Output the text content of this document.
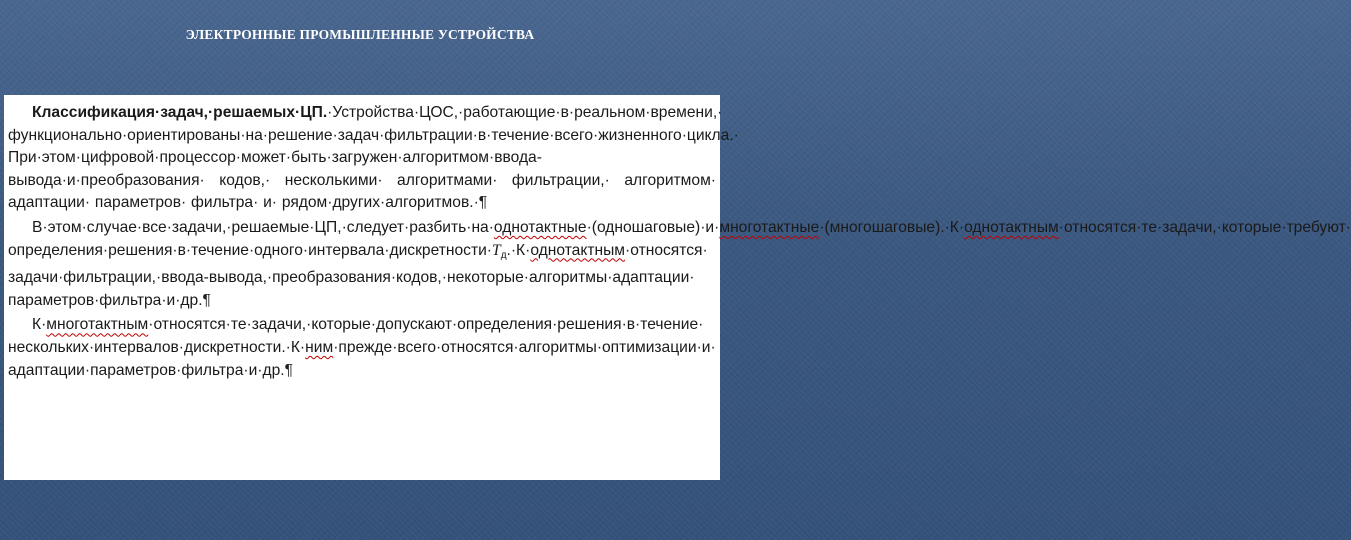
ЭЛЕКТРОННЫЕ ПРОМЫШЛЕННЫЕ УСТРОЙСТВА

Классификация·задач,·решаемых·ЦП.·Устройства·ЦОС,·работающие·в·реальном·времени,· функционально·ориентированы·на·решение·задач·фильтрации·в·течение·всего·жизненного·цикла.· При·этом·цифровой·процессор·может·быть·загружен·алгоритмом·ввода-вывода·и·преобразования· кодов,· несколькими· алгоритмами· фильтрации,· алгоритмом· адаптации· параметров· фильтра· и· рядом·других·алгоритмов.·¶

В·этом·случае·все·задачи,·решаемые·ЦП,·следует·разбить·на·однотактные·(одношаговые)·и·многотактные·(многошаговые).·К·однотактным·относятся·те·задачи,·которые·требуют· $определения\cdot решения\cdot в\cdot течение\cdot одного\cdot интервала\cdot дискретности\cdot T_д.\cdot К\cdot однотактным\cdot относятся\cdot$ задачи·фильтрации,·ввода-вывода,·преобразования·кодов,·некоторые·алгоритмы·адаптации· параметров·фильтра·и·др.¶

К·многотактным·относятся·те·задачи,·которые·допускают·определения·решения·в·течение· нескольких·интервалов·дискретности.·К·ним·прежде·всего·относятся·алгоритмы·оптимизации·и· адаптации·параметров·фильтра·и·др.¶
